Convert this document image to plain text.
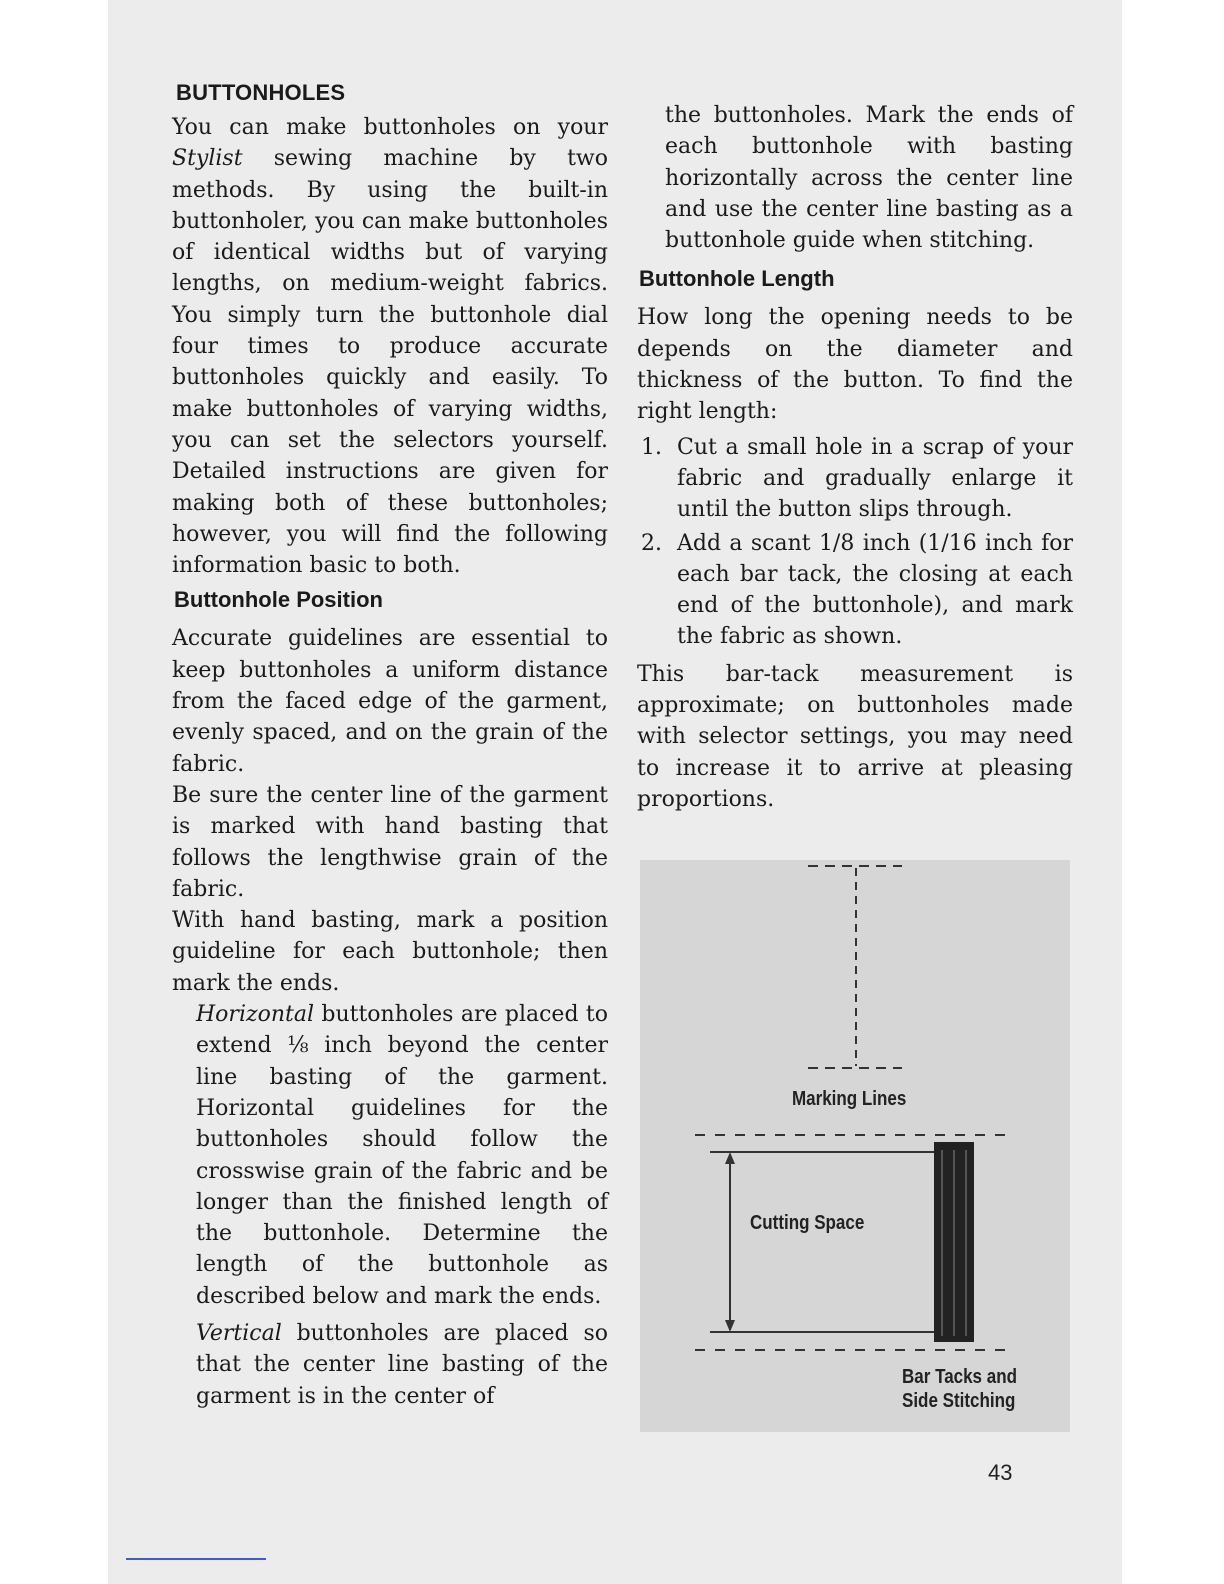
BUTTONHOLES

You can make buttonholes on your Stylist sewing machine by two methods. By using the built-in buttonholer, you can make buttonholes of identical widths but of varying lengths, on medium-weight fabrics. You simply turn the buttonhole dial four times to produce accurate buttonholes quickly and easily. To make buttonholes of varying widths, you can set the selectors yourself. Detailed instructions are given for making both of these buttonholes; however, you will find the following information basic to both.

Buttonhole Position

Accurate guidelines are essential to keep buttonholes a uniform distance from the faced edge of the garment, evenly spaced, and on the grain of the fabric.

Be sure the center line of the garment is marked with hand basting that follows the lengthwise grain of the fabric.

With hand basting, mark a position guideline for each buttonhole; then mark the ends.

Horizontal buttonholes are placed to extend ⅛ inch beyond the center line basting of the garment. Horizontal guidelines for the buttonholes should follow the crosswise grain of the fabric and be longer than the finished length of the buttonhole. Determine the length of the buttonhole as described below and mark the ends.

Vertical buttonholes are placed so that the center line basting of the garment is in the center of

the buttonholes. Mark the ends of each buttonhole with basting horizontally across the center line and use the center line basting as a buttonhole guide when stitching.

Buttonhole Length

How long the opening needs to be depends on the diameter and thickness of the button. To find the right length:

1. Cut a small hole in a scrap of your fabric and gradually enlarge it until the button slips through.
2. Add a scant 1/8 inch (1/16 inch for each bar tack, the closing at each end of the buttonhole), and mark the fabric as shown.

This bar-tack measurement is approximate; on buttonholes made with selector settings, you may need to increase it to arrive at pleasing proportions.

Marking Lines
Cutting Space
Bar Tacks and
Side Stitching
43
